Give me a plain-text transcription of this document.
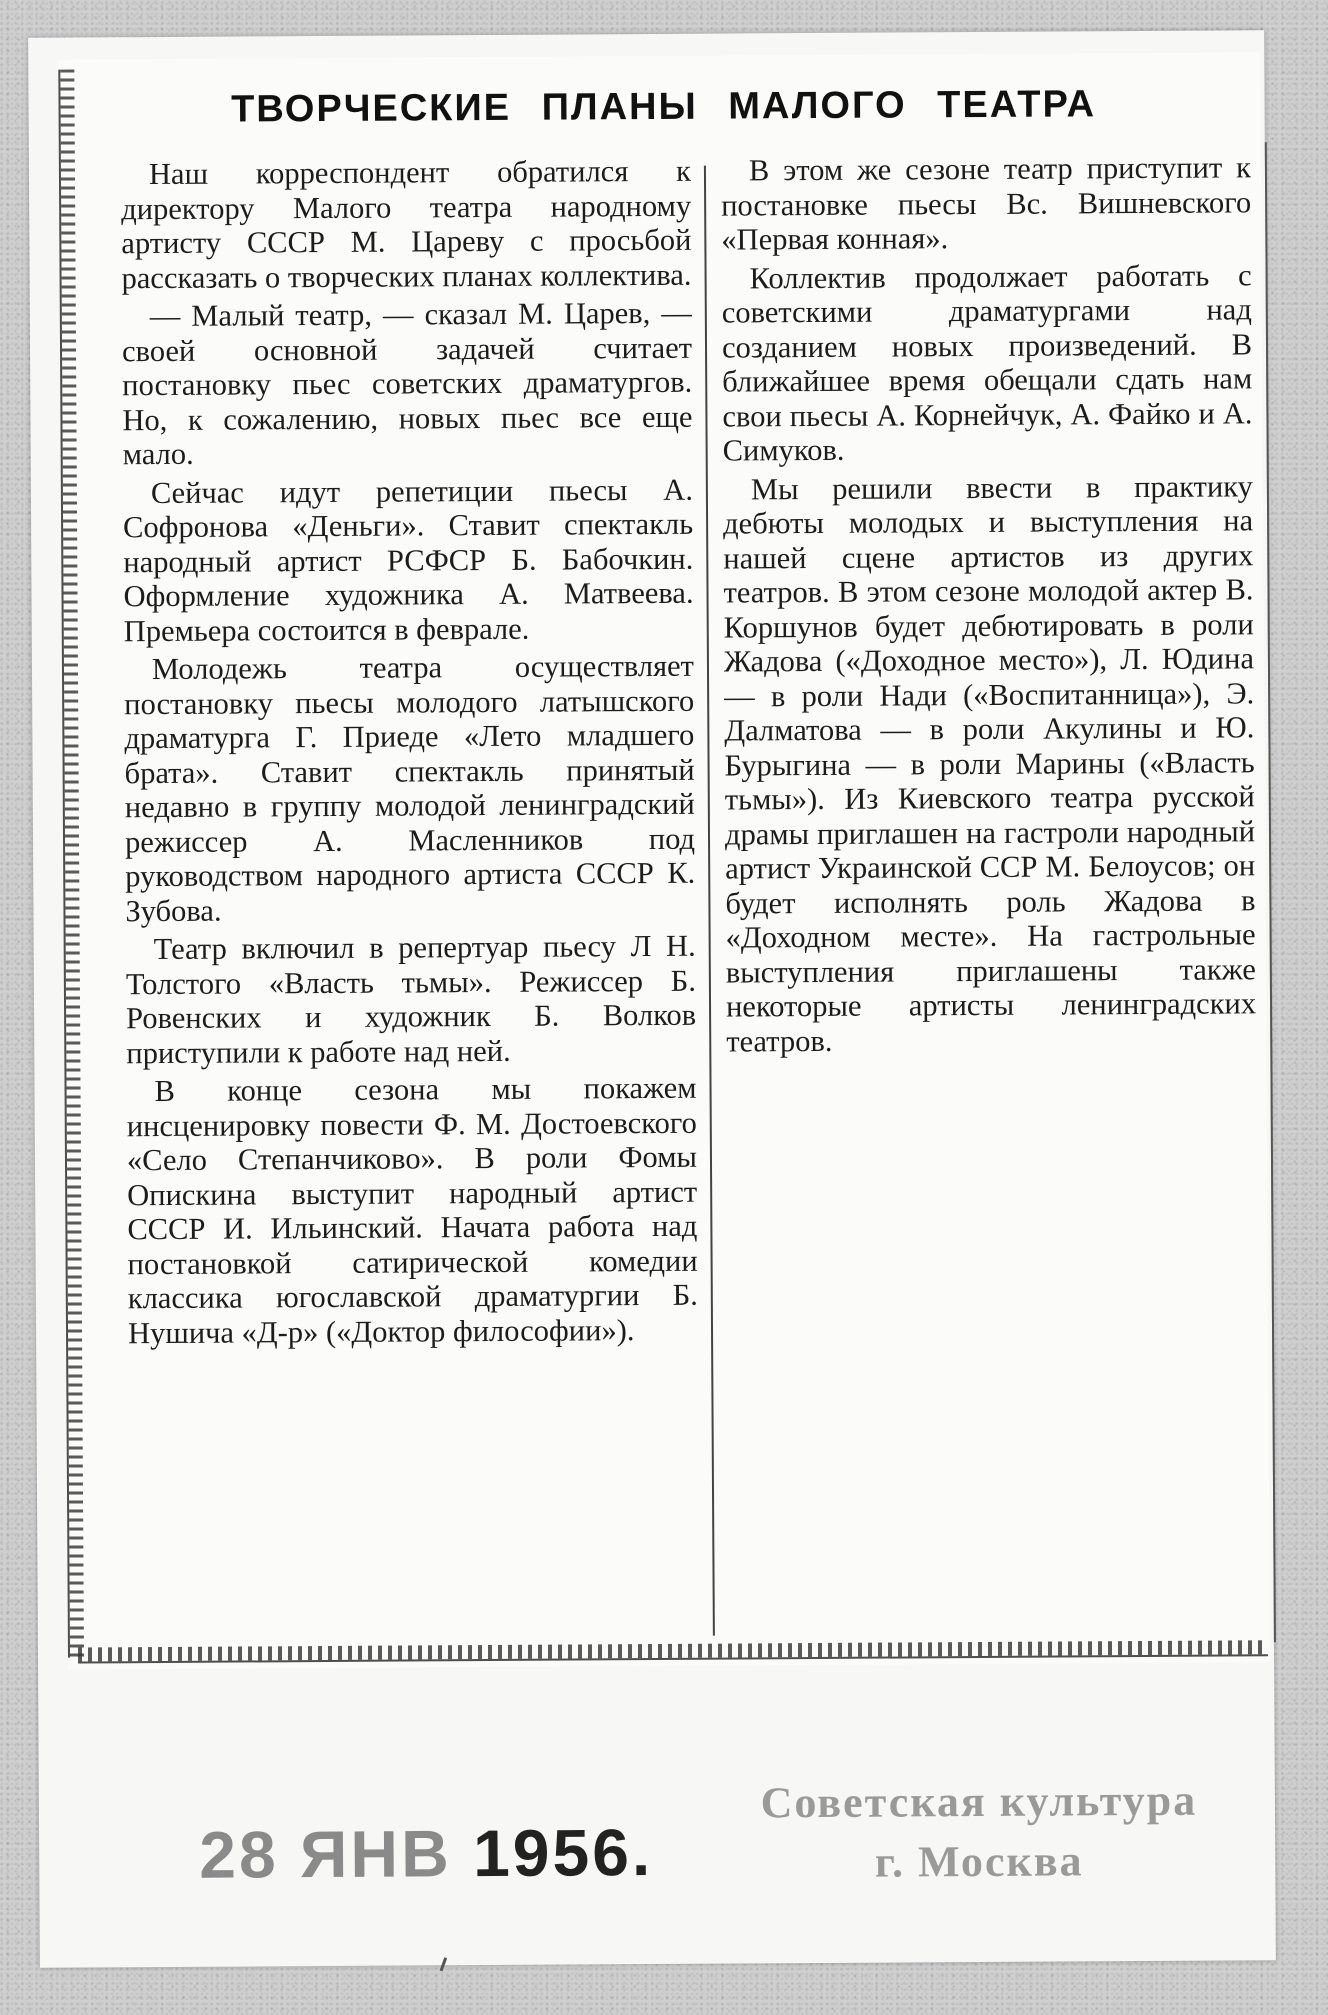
ТВОРЧЕСКИЕ ПЛАНЫ МАЛОГО ТЕАТРА

Наш корреспондент обратился к директору Малого театра народному артисту СССР М. Цареву с просьбой рассказать о творческих планах коллектива.

— Малый театр, — сказал М. Царев, — своей основной задачей считает постановку пьес советских драматургов. Но, к сожалению, новых пьес все еще мало.

Сейчас идут репетиции пьесы А. Софронова «Деньги». Ставит спектакль народный артист РСФСР Б. Бабочкин. Оформление художника А. Матвеева. Премьера состоится в феврале.

Молодежь театра осуществляет постановку пьесы молодого латышского драматурга Г. Приеде «Лето младшего брата». Ставит спектакль принятый недавно в группу молодой ленинградский режиссер А. Масленников под руководством народного артиста СССР К. Зубова.

Театр включил в репертуар пьесу Л Н. Толстого «Власть тьмы». Режиссер Б. Ровенских и художник Б. Волков приступили к работе над ней.

В конце сезона мы покажем инсценировку повести Ф. М. Достоевского «Село Степанчиково». В роли Фомы Опискина выступит народный артист СССР И. Ильинский. Начата работа над постановкой сатирической комедии классика югославской драматургии Б. Нушича «Д-р» («Доктор философии»).

В этом же сезоне театр приступит к постановке пьесы Вс. Вишневского «Первая конная».

Коллектив продолжает работать с советскими драматургами над созданием новых произведений. В ближайшее время обещали сдать нам свои пьесы А. Корнейчук, А. Файко и А. Симуков.

Мы решили ввести в практику дебюты молодых и выступления на нашей сцене артистов из других театров. В этом сезоне молодой актер В. Коршунов будет дебютировать в роли Жадова («Доходное место»), Л. Юдина — в роли Нади («Воспитанница»), Э. Далматова — в роли Акулины и Ю. Бурыгина — в роли Марины («Власть тьмы»). Из Киевского театра русской драмы приглашен на гастроли народный артист Украинской ССР М. Белоусов; он будет исполнять роль Жадова в «Доходном месте». На гастрольные выступления приглашены также некоторые артисты ленинградских театров.

28 ЯНВ 1956.
Советская культура
г. Москва
